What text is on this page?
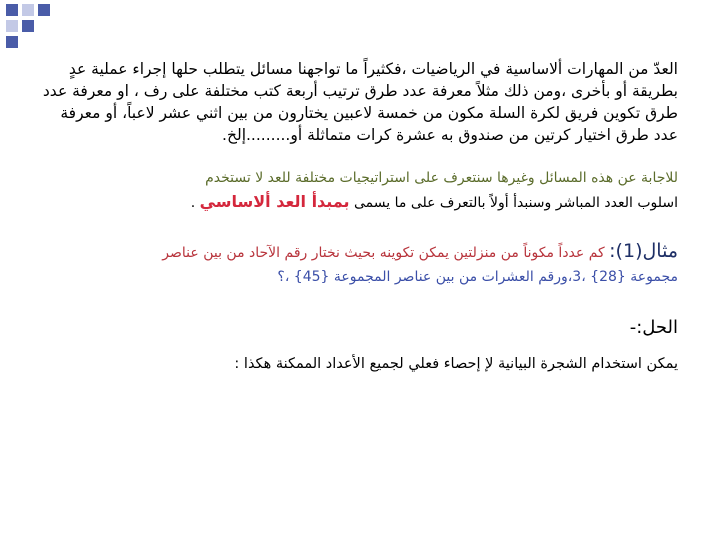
العدّ من المهارات ألاساسية في الرياضيات ،فكثيراً ما تواجهنا مسائل يتطلب حلها إجراء عملية عدٍ بطريقة أو بأخرى ،ومن ذلك مثلاً معرفة عدد طرق ترتيب أربعة كتب مختلفة على رف ، او معرفة عدد طرق تكوين فريق لكرة السلة مكون من خمسة لاعبين يختارون من بين اثني عشر لاعباً، أو معرفة عدد طرق اختيار كرتين من صندوق به عشرة كرات متماثلة أو.........إلخ.

للاجابة عن هذه المسائل وغيرها سنتعرف على استراتيجيات مختلفة للعد لا تستخدم
اسلوب العدد المباشر وسنبدأ أولاً بالتعرف على ما يسمى بمبدأ العد ألاساسي .

مثال(1): كم عدداً مكوناً من منزلتين يمكن تكوينه بحيث نختار رقم الآحاد من بين عناصر
مجموعة {28} ،3،ورقم العشرات من بين عناصر المجموعة {45} ،؟

الحل:-

يمكن استخدام الشجرة البيانية لإ إحصاء فعلي لجميع الأعداد الممكنة هكذا :
